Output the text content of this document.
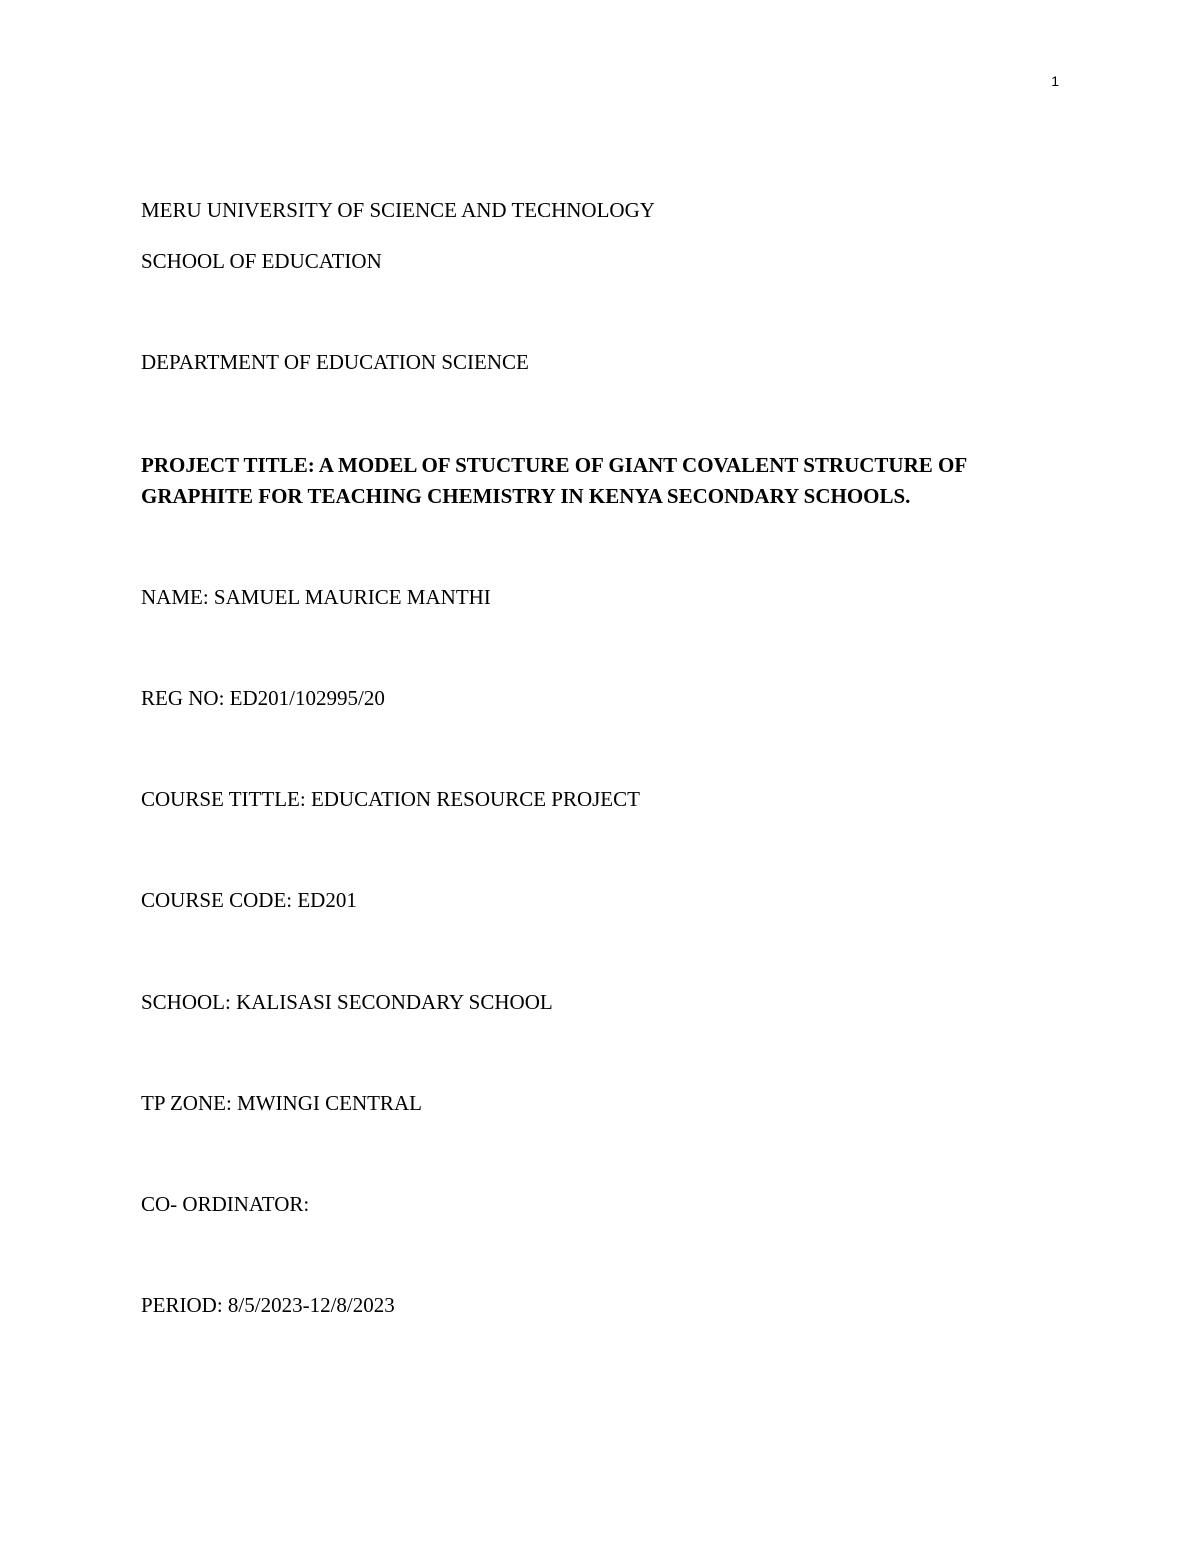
1
MERU UNIVERSITY OF SCIENCE AND TECHNOLOGY
SCHOOL OF EDUCATION
DEPARTMENT OF EDUCATION SCIENCE
PROJECT TITLE: A MODEL OF STUCTURE OF GIANT COVALENT STRUCTURE OF GRAPHITE FOR TEACHING CHEMISTRY IN KENYA SECONDARY SCHOOLS.
NAME: SAMUEL MAURICE MANTHI
REG NO: ED201/102995/20
COURSE TITTLE: EDUCATION RESOURCE PROJECT
COURSE CODE: ED201
SCHOOL: KALISASI SECONDARY SCHOOL
TP ZONE: MWINGI CENTRAL
CO- ORDINATOR:
PERIOD: 8/5/2023-12/8/2023
